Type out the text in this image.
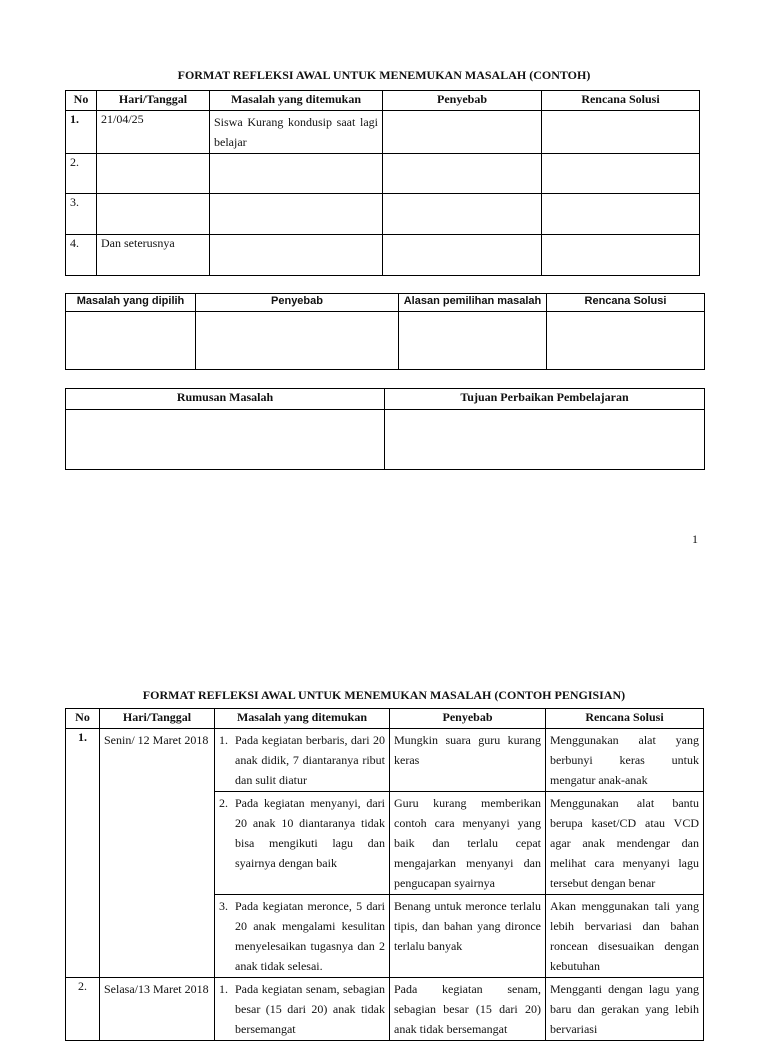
FORMAT REFLEKSI AWAL UNTUK MENEMUKAN MASALAH (CONTOH)
No	Hari/Tanggal	Masalah yang ditemukan	Penyebab	Rencana Solusi
1.	21/04/25	Siswa Kurang kondusip saat lagi belajar		
2.				
3.				
4.	Dan seterusnya			
Masalah yang dipilih	Penyebab	Alasan pemilihan masalah	Rencana Solusi

Rumusan Masalah	Tujuan Perbaikan Pembelajaran

1
FORMAT REFLEKSI AWAL UNTUK MENEMUKAN MASALAH (CONTOH PENGISIAN)
No	Hari/Tanggal	Masalah yang ditemukan	Penyebab	Rencana Solusi
1.	Senin/ 12 Maret 2018	1. Pada kegiatan berbaris, dari 20 anak didik, 7 diantaranya ribut dan sulit diatur	Mungkin suara guru kurang keras	Menggunakan alat yang berbunyi keras untuk mengatur anak-anak

		2. Pada kegiatan menyanyi, dari 20 anak 10 diantaranya tidak bisa mengikuti lagu dan syairnya dengan baik	Guru kurang memberikan contoh cara menyanyi yang baik dan terlalu cepat mengajarkan menyanyi dan pengucapan syairnya	Menggunakan alat bantu berupa kaset/CD atau VCD agar anak mendengar dan melihat cara menyanyi lagu tersebut dengan benar

		3. Pada kegiatan meronce, 5 dari 20 anak mengalami kesulitan menyelesaikan tugasnya dan 2 anak tidak selesai.	Benang untuk meronce terlalu tipis, dan bahan yang dironce terlalu banyak	Akan menggunakan tali yang lebih bervariasi dan bahan roncean disesuaikan dengan kebutuhan
2.	Selasa/13 Maret 2018	1. Pada kegiatan senam, sebagian besar (15 dari 20) anak tidak bersemangat	Pada kegiatan senam, sebagian besar (15 dari 20) anak tidak bersemangat	Mengganti dengan lagu yang baru dan gerakan yang lebih bervariasi
